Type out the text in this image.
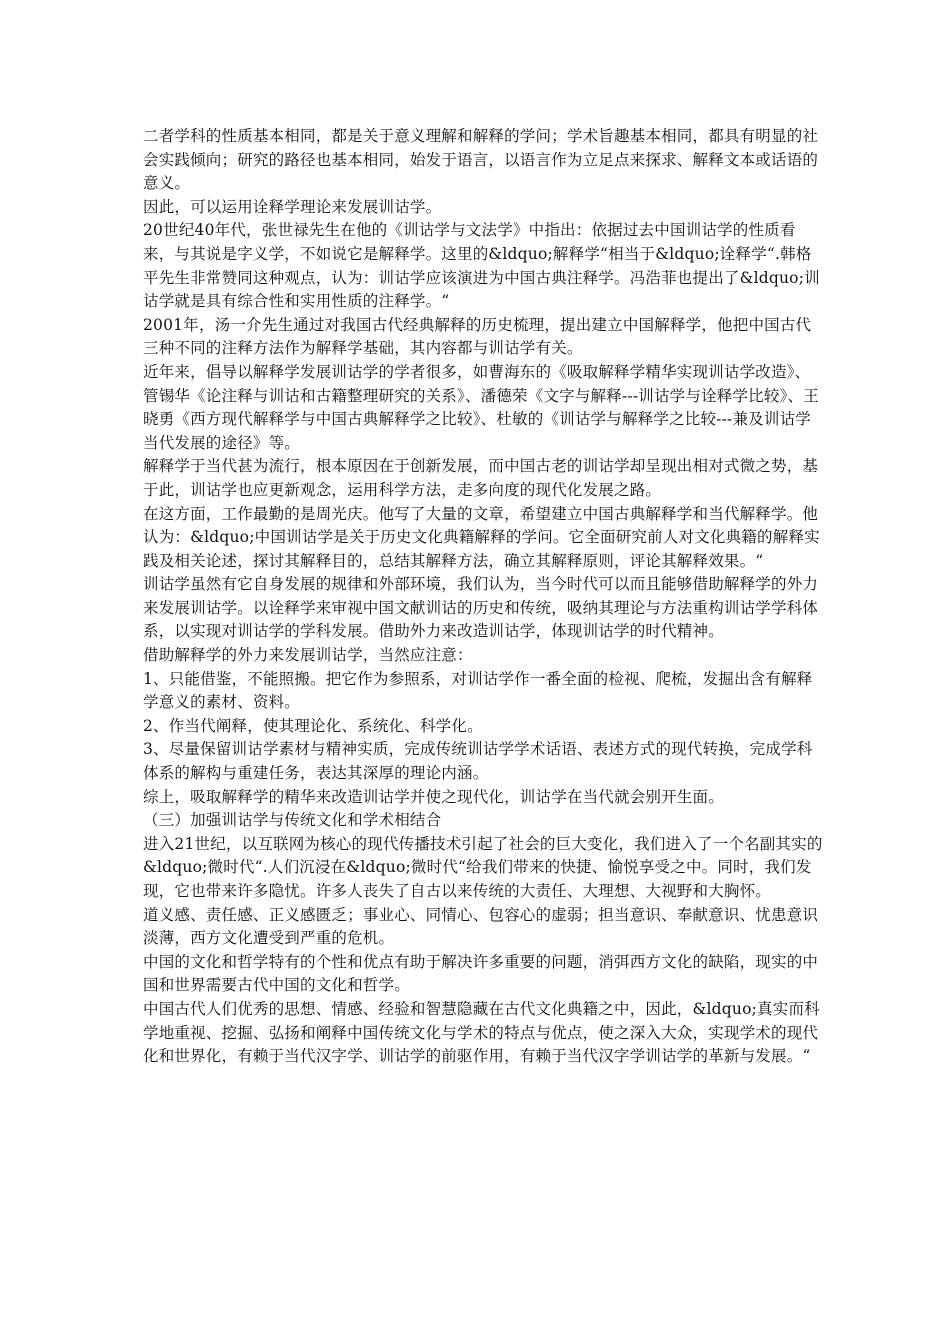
二者学科的性质基本相同，都是关于意义理解和解释的学问；学术旨趣基本相同，都具有明显的社会实践倾向；研究的路径也基本相同，始发于语言，以语言作为立足点来探求、解释文本或话语的意义。

因此，可以运用诠释学理论来发展训诂学。

20世纪40年代，张世禄先生在他的《训诂学与文法学》中指出：依据过去中国训诂学的性质看来，与其说是字义学，不如说它是解释学。这里的&ldquo;解释学“相当于&ldquo;诠释学“.韩格平先生非常赞同这种观点，认为：训诂学应该演进为中国古典注释学。冯浩菲也提出了&ldquo;训诂学就是具有综合性和实用性质的注释学。“

2001年，汤一介先生通过对我国古代经典解释的历史梳理，提出建立中国解释学，他把中国古代三种不同的注释方法作为解释学基础，其内容都与训诂学有关。

近年来，倡导以解释学发展训诂学的学者很多，如曹海东的《吸取解释学精华实现训诂学改造》、管锡华《论注释与训诂和古籍整理研究的关系》、潘德荣《文字与解释---训诂学与诠释学比较》、王晓勇《西方现代解释学与中国古典解释学之比较》、杜敏的《训诂学与解释学之比较---兼及训诂学当代发展的途径》等。

解释学于当代甚为流行，根本原因在于创新发展，而中国古老的训诂学却呈现出相对式微之势，基于此，训诂学也应更新观念，运用科学方法，走多向度的现代化发展之路。

在这方面，工作最勤的是周光庆。他写了大量的文章，希望建立中国古典解释学和当代解释学。他认为：&ldquo;中国训诂学是关于历史文化典籍解释的学问。它全面研究前人对文化典籍的解释实践及相关论述，探讨其解释目的，总结其解释方法，确立其解释原则，评论其解释效果。“

训诂学虽然有它自身发展的规律和外部环境，我们认为，当今时代可以而且能够借助解释学的外力来发展训诂学。以诠释学来审视中国文献训诂的历史和传统，吸纳其理论与方法重构训诂学学科体系，以实现对训诂学的学科发展。借助外力来改造训诂学，体现训诂学的时代精神。

借助解释学的外力来发展训诂学，当然应注意：

1、只能借鉴，不能照搬。把它作为参照系，对训诂学作一番全面的检视、爬梳，发掘出含有解释学意义的素材、资料。

2、作当代阐释，使其理论化、系统化、科学化。

3、尽量保留训诂学素材与精神实质，完成传统训诂学学术话语、表述方式的现代转换，完成学科体系的解构与重建任务，表达其深厚的理论内涵。

综上，吸取解释学的精华来改造训诂学并使之现代化，训诂学在当代就会别开生面。

（三）加强训诂学与传统文化和学术相结合

进入21世纪，以互联网为核心的现代传播技术引起了社会的巨大变化，我们进入了一个名副其实的&ldquo;微时代“.人们沉浸在&ldquo;微时代“给我们带来的快捷、愉悦享受之中。同时，我们发现，它也带来许多隐忧。许多人丧失了自古以来传统的大责任、大理想、大视野和大胸怀。

道义感、责任感、正义感匮乏；事业心、同情心、包容心的虚弱；担当意识、奉献意识、忧患意识淡薄，西方文化遭受到严重的危机。

中国的文化和哲学特有的个性和优点有助于解决许多重要的问题，消弭西方文化的缺陷，现实的中国和世界需要古代中国的文化和哲学。

中国古代人们优秀的思想、情感、经验和智慧隐藏在古代文化典籍之中，因此，&ldquo;真实而科学地重视、挖掘、弘扬和阐释中国传统文化与学术的特点与优点，使之深入大众，实现学术的现代化和世界化，有赖于当代汉字学、训诂学的前驱作用，有赖于当代汉字学训诂学的革新与发展。“
